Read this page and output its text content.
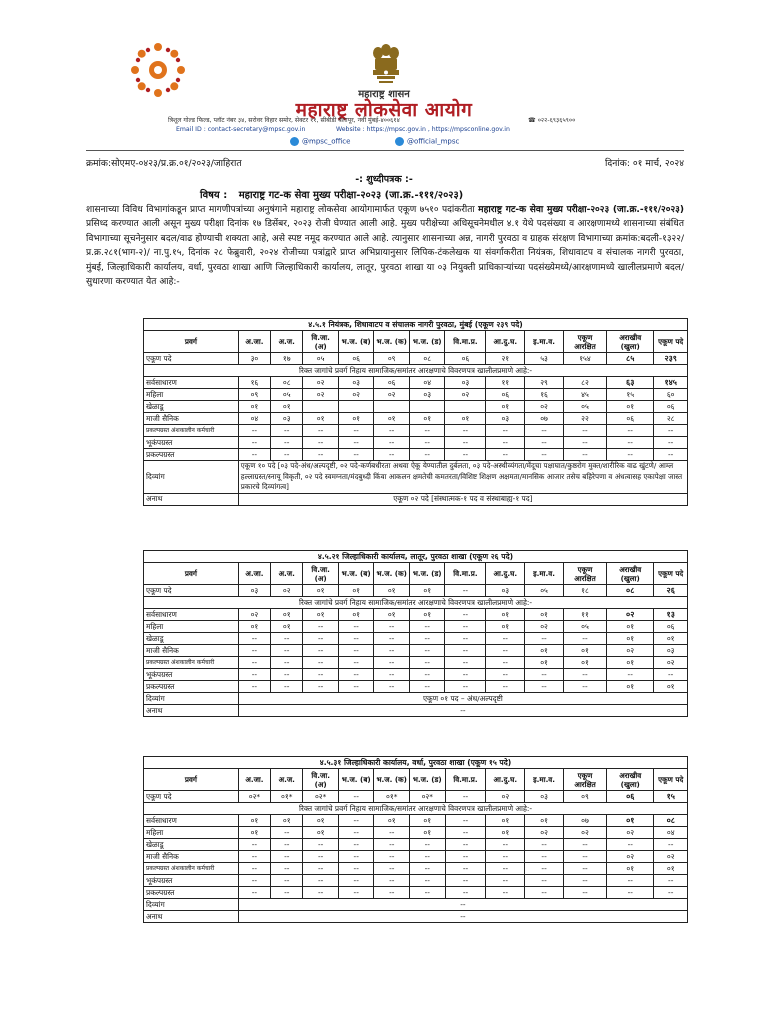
महाराष्ट्र शासन
महाराष्ट्र लोकसेवा आयोग
त्रिशूल गोल्ड फिल्ड, प्लॉट नंबर ३४, सरोवर विहार समोर, सेक्टर ११, सीबीडी बेलापूर, नवी मुंबई-४००६१४	☎ ०२२-६९३६५९००
Email ID : contact-secretary@mpsc.gov.in	Website : https://mpsc.gov.in , https://mpsconline.gov.in
@mpsc_office	@official_mpsc
क्रमांक:सोएमए-०४२३/प्र.क्र.०१/२०२३/जाहिरात	दिनांक: ०१ मार्च, २०२४
-: शुध्दीपत्रक :-
विषय : महाराष्ट्र गट-क सेवा मुख्य परीक्षा-२०२३ (जा.क्र.-१११/२०२३)
शासनाच्या विविध विभागांकडून प्राप्त मागणीपत्रांच्या अनुषंगाने महाराष्ट्र लोकसेवा आयोगामार्फत एकूण ७५१० पदांकरीता महाराष्ट्र गट-क सेवा मुख्य परीक्षा-२०२३ (जा.क्र.-१११/२०२३) प्रसिध्द करण्यात आली असून मुख्य परीक्षा दिनांक १७ डिसेंबर, २०२३ रोजी घेण्यात आली आहे. मुख्य परीक्षेच्या अधिसूचनेमधील ४.१ येथे पदसंख्या व आरक्षणामध्ये शासनाच्या संबंधित विभागाच्या सूचनेनुसार बदल/वाढ होण्याची शक्यता आहे, असे स्पष्ट नमूद करण्यात आले आहे. त्यानुसार शासनाच्या अन्न, नागरी पुरवठा व ग्राहक संरक्षण विभागाच्या क्रमांक:बदली-१३२२/प्र.क्र.२८१(भाग-२)/ ना.पु.१५, दिनांक २८ फेब्रुवारी, २०२४ रोजीच्या पत्रांद्वारे प्राप्त अभिप्रायानुसार लिपिक-टंकलेखक या संवर्गाकरीता नियंत्रक, शिधावाटप व संचालक नागरी पुरवठा, मुंबई, जिल्हाधिकारी कार्यालय, वर्धा, पुरवठा शाखा आणि जिल्हाधिकारी कार्यालय, लातूर, पुरवठा शाखा या ०३ नियुक्ती प्राधिकाऱ्यांच्या पदसंख्येमध्ये/आरक्षणामध्ये खालीलप्रमाणे बदल/सुधारणा करण्यात येत आहे:-
४.५.१ नियंत्रक, शिधावाटप व संचालक नागरी पुरवठा, मुंबई (एकूण २३९ पदे)												
प्रवर्ग	अ.जा.	अ.ज.	वि.जा. (अ)	भ.ज. (ब)	भ.ज. (क)	भ.ज. (ड)	वि.मा.प्र.	आ.दु.घ.	इ.मा.व.	एकूण आरक्षित	अराखीव (खुला)	एकूण पदे
एकूण पदे	३०	१७	०५	०६	०९	०८	०६	२१	५३	१५४	८५	२३९
रिक्त जागांचे प्रवर्ग निहाय सामाजिक/समांतर आरक्षणाचे विवरणपत्र खालीलप्रमाणे आहे:-												
सर्वसाधारण	१६	०८	०२	०३	०६	०४	०३	११	२९	८२	६३	१४५
महिला	०९	०५	०२	०२	०२	०३	०२	०६	१६	४५	१५	६०
खेळाडू	०१	०१						०१	०२	०५	०१	०६
माजी सैनिक	०४	०३	०१	०१	०१	०१	०१	०३	०७	२२	०६	२८
प्रकल्पग्रस्त अंशकालीन कर्मचारी	--	--	--	--	--	--	--	--	--	--	--	--
भूकंपग्रस्त	--	--	--	--	--	--	--	--	--	--	--	--
प्रकल्पग्रस्त	--	--	--	--	--	--	--	--	--	--	--	--
दिव्यांग	एकूण १० पदे [०३ पदे-अंध/अल्पदृष्टी, ०२ पदे-कर्णबधीरता अथवा ऐकू येण्यातील दुर्बलता, ०३ पदे-अस्थीव्यंगता/मेंदूचा पक्षाघात/कुष्ठरोग मुक्त/शारीरिक वाढ खुंटणे/ आम्ल हल्लाग्रस्त/स्नायू विकृती, ०२ पदे स्वमग्नता/मंदबुध्दी किंवा आकलन क्षमतेची कमतरता/विशिष्ट शिक्षण अक्षमता/मानसिक आजार तसेच बहिरेपणा व अंधत्वासह एकापेक्षा जास्त प्रकारचे दिव्यांगत्व]											
अनाथ	एकूण ०२ पदे [संस्थात्मक-१ पद व संस्थाबाह्य-१ पद]											
४.५.२१ जिल्हाधिकारी कार्यालय, लातूर, पुरवठा शाखा (एकूण २६ पदे)												
प्रवर्ग	अ.जा.	अ.ज.	वि.जा. (अ)	भ.ज. (ब)	भ.ज. (क)	भ.ज. (ड)	वि.मा.प्र.	आ.दु.घ.	इ.मा.व.	एकूण आरक्षित	अराखीव (खुला)	एकूण पदे
एकूण पदे	०३	०२	०१	०१	०१	०१	--	०३	०५	१८	०८	२६
रिक्त जागांचे प्रवर्ग निहाय सामाजिक/समांतर आरक्षणाचे विवरणपत्र खालीलप्रमाणे आहे:-												
सर्वसाधारण	०२	०१	०१	०१	०१	०१	--	०१	०१	११	०२	१३
महिला	०१	०१	--	--	--	--	--	०१	०२	०५	०१	०६
खेळाडू	--	--	--	--	--	--	--	--	--	--	०१	०१
माजी सैनिक	--	--	--	--	--	--	--	--	०१	०१	०२	०३
प्रकल्पग्रस्त अंशकालीन कर्मचारी	--	--	--	--	--	--	--	--	०१	०१	०१	०२
भूकंपग्रस्त	--	--	--	--	--	--	--	--	--	--	--	--
प्रकल्पग्रस्त	--	--	--	--	--	--	--	--	--	--	०१	०१
दिव्यांग	एकूण ०१ पद – अंध/अल्पदृष्टी											
अनाथ	--											
४.५.३१ जिल्हाधिकारी कार्यालय, वर्धा, पुरवठा शाखा (एकूण १५ पदे)												
प्रवर्ग	अ.जा.	अ.ज.	वि.जा. (अ)	भ.ज. (ब)	भ.ज. (क)	भ.ज. (ड)	वि.मा.प्र.	आ.दु.घ.	इ.मा.व.	एकूण आरक्षित	अराखीव (खुला)	एकूण पदे
एकूण पदे	०२*	०१*	०२*	--	०१*	०२*	--	०२	०३	०९	०६	१५
रिक्त जागांचे प्रवर्ग निहाय सामाजिक/समांतर आरक्षणाचे विवरणपत्र खालीलप्रमाणे आहे:-												
सर्वसाधारण	०१	०१	०१	--	०१	०१	--	०१	०१	०७	०१	०८
महिला	०१	--	०१	--	--	०१	--	०१	०२	०२	०२	०४
खेळाडू	--	--	--	--	--	--	--	--	--	--	--	--
माजी सैनिक	--	--	--	--	--	--	--	--	--	--	०२	०२
प्रकल्पग्रस्त अंशकालीन कर्मचारी	--	--	--	--	--	--	--	--	--	--	०१	०१
भूकंपग्रस्त	--	--	--	--	--	--	--	--	--	--	--	--
प्रकल्पग्रस्त	--	--	--	--	--	--	--	--	--	--	--	--
दिव्यांग	--											
अनाथ	--											
